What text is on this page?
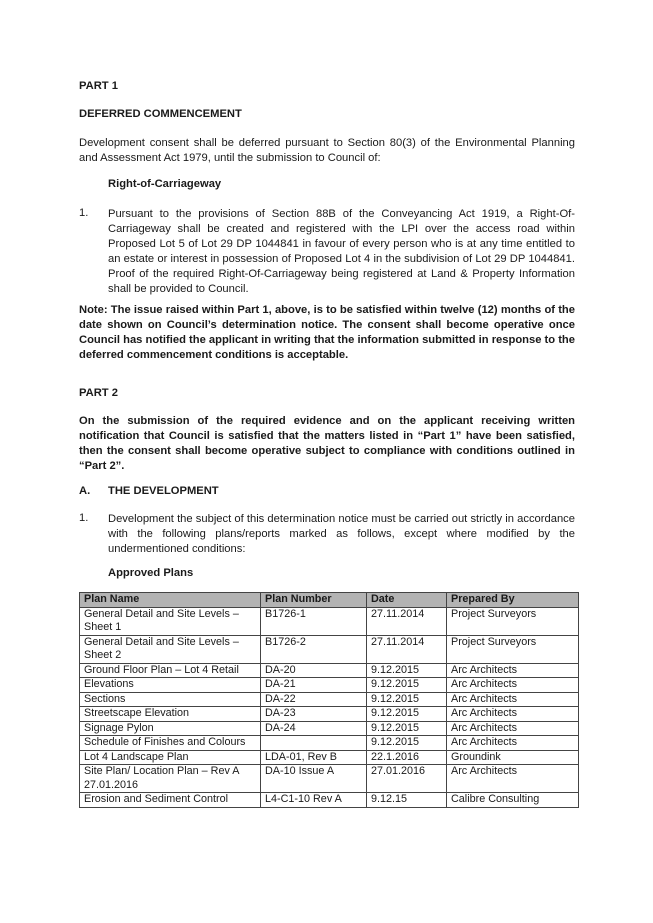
PART 1
DEFERRED COMMENCEMENT
Development consent shall be deferred pursuant to Section 80(3) of the Environmental Planning and Assessment Act 1979, until the submission to Council of:
Right-of-Carriageway
1. Pursuant to the provisions of Section 88B of the Conveyancing Act 1919, a Right-Of-Carriageway shall be created and registered with the LPI over the access road within Proposed Lot 5 of Lot 29 DP 1044841 in favour of every person who is at any time entitled to an estate or interest in possession of Proposed Lot 4 in the subdivision of Lot 29 DP 1044841. Proof of the required Right-Of-Carriageway being registered at Land & Property Information shall be provided to Council.
Note: The issue raised within Part 1, above, is to be satisfied within twelve (12) months of the date shown on Council’s determination notice. The consent shall become operative once Council has notified the applicant in writing that the information submitted in response to the deferred commencement conditions is acceptable.
PART 2
On the submission of the required evidence and on the applicant receiving written notification that Council is satisfied that the matters listed in “Part 1” have been satisfied, then the consent shall become operative subject to compliance with conditions outlined in “Part 2”.
A. THE DEVELOPMENT
1. Development the subject of this determination notice must be carried out strictly in accordance with the following plans/reports marked as follows, except where modified by the undermentioned conditions:
Approved Plans
Plan Name	Plan Number	Date	Prepared By
General Detail and Site Levels – Sheet 1	B1726-1	27.11.2014	Project Surveyors
General Detail and Site Levels – Sheet 2	B1726-2	27.11.2014	Project Surveyors
Ground Floor Plan – Lot 4 Retail	DA-20	9.12.2015	Arc Architects
Elevations	DA-21	9.12.2015	Arc Architects
Sections	DA-22	9.12.2015	Arc Architects
Streetscape Elevation	DA-23	9.12.2015	Arc Architects
Signage Pylon	DA-24	9.12.2015	Arc Architects
Schedule of Finishes and Colours		9.12.2015	Arc Architects
Lot 4 Landscape Plan	LDA-01, Rev B	22.1.2016	Groundink
Site Plan/ Location Plan – Rev A 27.01.2016	DA-10 Issue A	27.01.2016	Arc Architects
Erosion and Sediment Control	L4-C1-10 Rev A	9.12.15	Calibre Consulting
